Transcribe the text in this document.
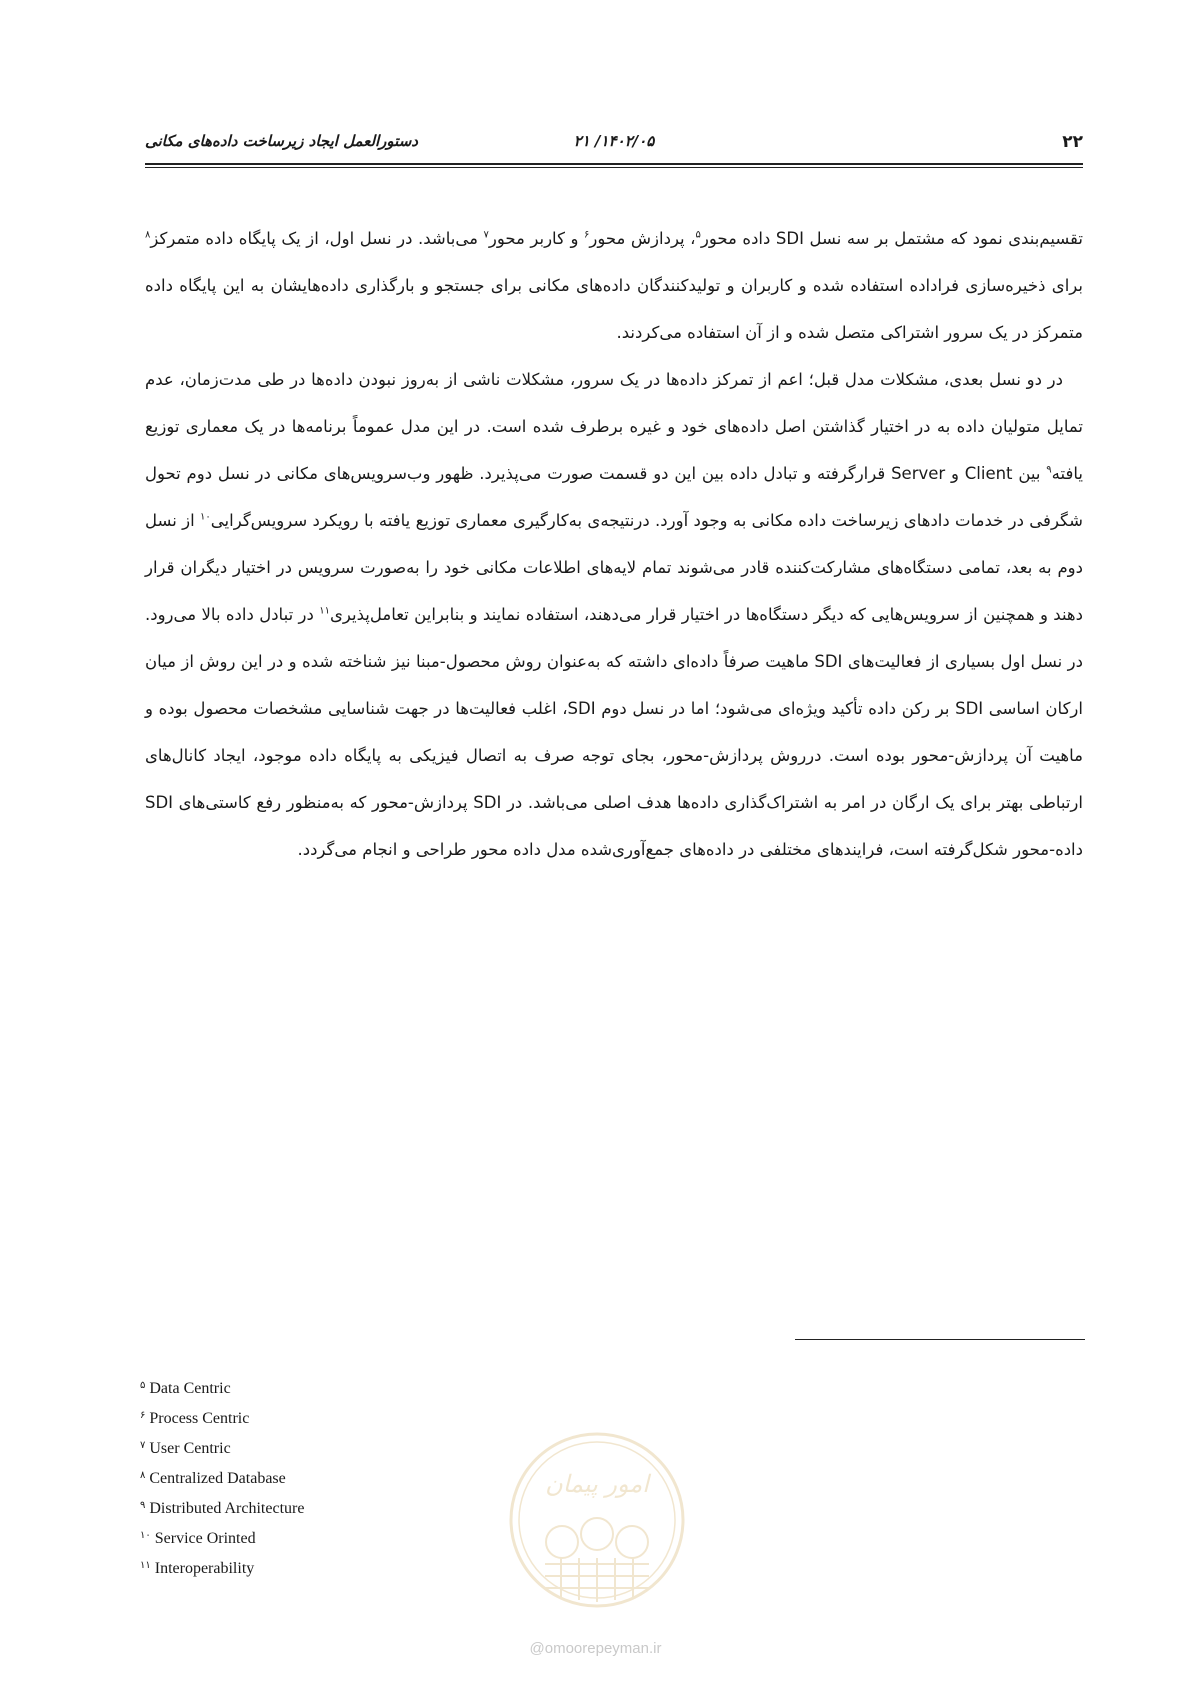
۲۲
۱۴۰۲/۰۵/ ۲۱
دستورالعمل ایجاد زیرساخت داده‌های مکانی

تقسیم‌بندی نمود که مشتمل بر سه نسل SDI داده محور$^۵$، پردازش محور$^۶$ و کاربر محور$^۷$ می‌باشد. در نسل اول، از یک پایگاه داده متمرکز$^۸$ برای ذخیره‌سازی فراداده استفاده شده و کاربران و تولیدکنندگان داده‌های مکانی برای جستجو و بارگذاری داده‌هایشان به این پایگاه داده متمرکز در یک سرور اشتراکی متصل شده و از آن استفاده می‌کردند.

در دو نسل بعدی، مشکلات مدل قبل؛ اعم از تمرکز داده‌ها در یک سرور، مشکلات ناشی از به‌روز نبودن داده‌ها در طی مدت‌زمان، عدم تمایل متولیان داده به در اختیار گذاشتن اصل داده‌های خود و غیره برطرف شده است. در این مدل عموماً برنامه‌ها در یک معماری توزیع یافته$^۹$ بین Client و Server قرارگرفته و تبادل داده بین این دو قسمت صورت می‌پذیرد. ظهور وب‌سرویس‌های مکانی در نسل دوم تحول شگرفی در خدمات دادهای زیرساخت داده مکانی به وجود آورد. درنتیجه‌ی به‌کارگیری معماری توزیع یافته با رویکرد سرویس‌گرایی$^{۱۰}$ از نسل دوم به بعد، تمامی دستگاه‌های مشارکت‌کننده قادر می‌شوند تمام لایه‌های اطلاعات مکانی خود را به‌صورت سرویس در اختیار دیگران قرار دهند و همچنین از سرویس‌هایی که دیگر دستگاه‌ها در اختیار قرار می‌دهند، استفاده نمایند و بنابراین تعامل‌پذیری$^{۱۱}$ در تبادل داده بالا می‌رود. در نسل اول بسیاری از فعالیت‌های SDI ماهیت صرفاً داده‌ای داشته که به‌عنوان روش محصول-مبنا نیز شناخته شده و در این روش از میان ارکان اساسی SDI بر رکن داده تأکید ویژه‌ای می‌شود؛ اما در نسل دوم SDI، اغلب فعالیت‌ها در جهت شناسایی مشخصات محصول بوده و ماهیت آن پردازش-محور بوده است. درروش پردازش-محور، بجای توجه صرف به اتصال فیزیکی به پایگاه داده موجود، ایجاد کانال‌های ارتباطی بهتر برای یک ارگان در امر به اشتراک‌گذاری داده‌ها هدف اصلی می‌باشد. در SDI پردازش-محور که به‌منظور رفع کاستی‌های SDI داده-محور شکل‌گرفته است، فرایندهای مختلفی در داده‌های جمع‌آوری‌شده مدل داده محور طراحی و انجام می‌گردد.

$^۵$ Data Centric
$^۶$ Process Centric
$^۷$ User Centric
$^۸$ Centralized Database
$^۹$ Distributed Architecture
$^{۱۰}$ Service Orinted
$^{۱۱}$ Interoperability
امور پیمان
@omoorepeyman.ir
